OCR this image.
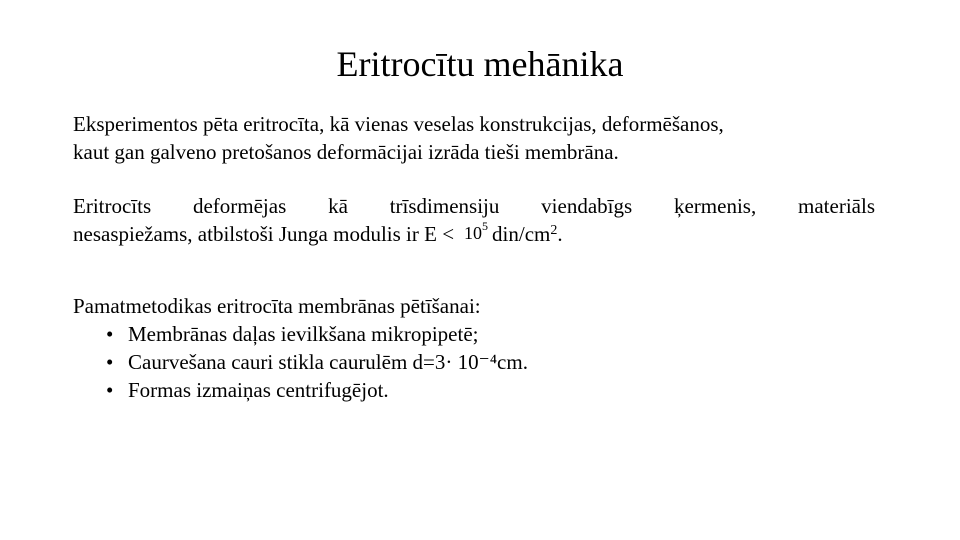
Eritrocītu mehānika

Eksperimentos pēta eritrocīta, kā vienas veselas konstrukcijas, deformēšanos,
kaut gan galveno pretošanos deformācijai izrāda tieši membrāna.

Eritrocīts deformējas kā trīsdimensiju viendabīgs ķermenis, materiāls
nesaspiežams, atbilstoši Junga modulis ir $E < 10^5$ din/$cm^2$.

Pamatmetodikas eritrocīta membrānas pētīšanai:
• Membrānas daļas ievilkšana mikropipetē;
• Caurvešana cauri stikla caurulēm d=3· 10⁻⁴cm.
• Formas izmaiņas centrifugējot.
